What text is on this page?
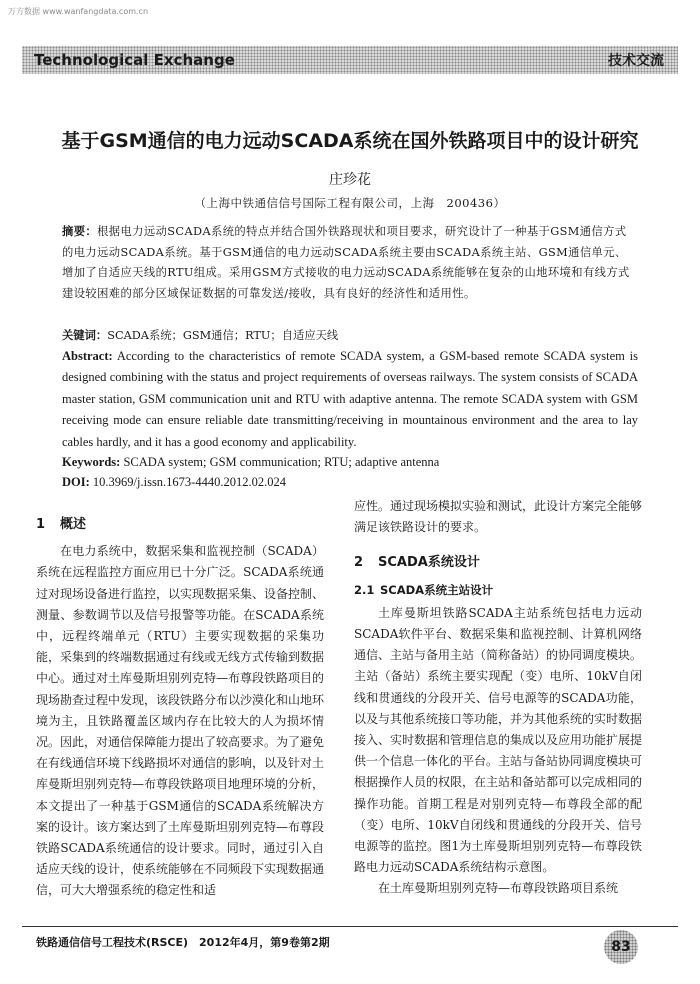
万方数据 www.wanfangdata.com.cn
Technological Exchange	技术交流
基于GSM通信的电力远动SCADA系统在国外铁路项目中的设计研究
庄珍花
（上海中铁通信信号国际工程有限公司，上海　200436）
摘要：根据电力远动SCADA系统的特点并结合国外铁路现状和项目要求，研究设计了一种基于GSM通信方式的电力远动SCADA系统。基于GSM通信的电力远动SCADA系统主要由SCADA系统主站、GSM通信单元、增加了自适应天线的RTU组成。采用GSM方式接收的电力远动SCADA系统能够在复杂的山地环境和有线方式建设较困难的部分区域保证数据的可靠发送/接收，具有良好的经济性和适用性。
关键词：SCADA系统；GSM通信；RTU；自适应天线
Abstract: According to the characteristics of remote SCADA system, a GSM-based remote SCADA system is designed combining with the status and project requirements of overseas railways. The system consists of SCADA master station, GSM communication unit and RTU with adaptive antenna. The remote SCADA system with GSM receiving mode can ensure reliable date transmitting/receiving in mountainous environment and the area to lay cables hardly, and it has a good economy and applicability.
Keywords: SCADA system; GSM communication; RTU; adaptive antenna
DOI: 10.3969/j.issn.1673-4440.2012.02.024
1 概述

在电力系统中，数据采集和监视控制（SCADA）系统在远程监控方面应用已十分广泛。SCADA系统通过对现场设备进行监控，以实现数据采集、设备控制、测量、参数调节以及信号报警等功能。在SCADA系统中，远程终端单元（RTU）主要实现数据的采集功能，采集到的终端数据通过有线或无线方式传输到数据中心。通过对土库曼斯坦别列克特—布尊段铁路项目的现场勘查过程中发现，该段铁路分布以沙漠化和山地环境为主，且铁路覆盖区域内存在比较大的人为损坏情况。因此，对通信保障能力提出了较高要求。为了避免在有线通信环境下线路损坏对通信的影响，以及针对土库曼斯坦别列克特—布尊段铁路项目地理环境的分析，本文提出了一种基于GSM通信的SCADA系统解决方案的设计。该方案达到了土库曼斯坦别列克特—布尊段铁路SCADA系统通信的设计要求。同时，通过引入自适应天线的设计，使系统能够在不同频段下实现数据通信，可大大增强系统的稳定性和适

应性。通过现场模拟实验和测试，此设计方案完全能够满足该铁路设计的要求。

2 SCADA系统设计
2.1 SCADA系统主站设计

土库曼斯坦铁路SCADA主站系统包括电力远动SCADA软件平台、数据采集和监视控制、计算机网络通信、主站与备用主站（简称备站）的协同调度模块。主站（备站）系统主要实现配（变）电所、10kV自闭线和贯通线的分段开关、信号电源等的SCADA功能，以及与其他系统接口等功能，并为其他系统的实时数据接入、实时数据和管理信息的集成以及应用功能扩展提供一个信息一体化的平台。主站与备站协同调度模块可根据操作人员的权限，在主站和备站都可以完成相同的操作功能。首期工程是对别列克特—布尊段全部的配（变）电所、10kV自闭线和贯通线的分段开关、信号电源等的监控。图1为土库曼斯坦别列克特—布尊段铁路电力远动SCADA系统结构示意图。

在土库曼斯坦别列克特—布尊段铁路项目系统

铁路通信信号工程技术(RSCE)　2012年4月，第9卷第2期	83
